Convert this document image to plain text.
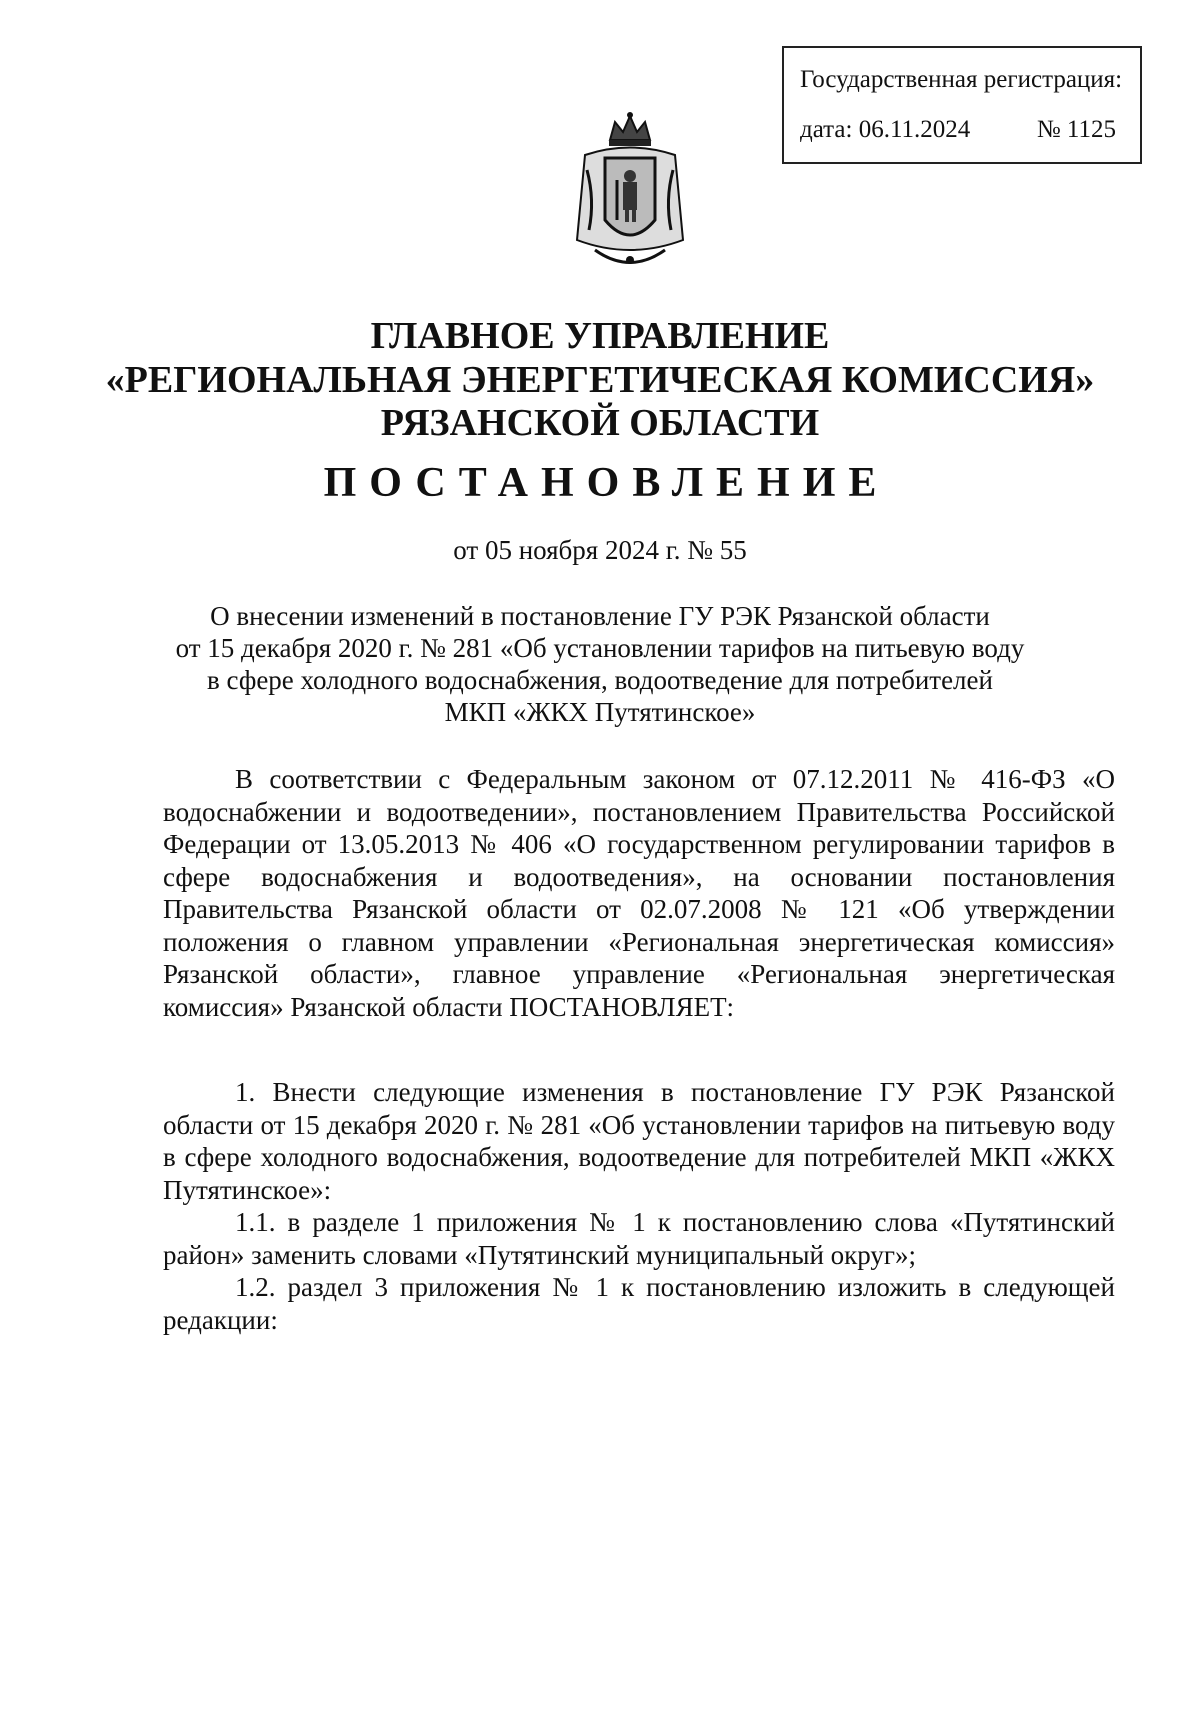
Государственная регистрация:
дата: 06.11.2024	№ 1125
ГЛАВНОЕ УПРАВЛЕНИЕ
«РЕГИОНАЛЬНАЯ ЭНЕРГЕТИЧЕСКАЯ КОМИССИЯ»
РЯЗАНСКОЙ ОБЛАСТИ
ПОСТАНОВЛЕНИЕ
от 05 ноября 2024 г. № 55
О внесении изменений в постановление ГУ РЭК Рязанской области
от 15 декабря 2020 г. № 281 «Об установлении тарифов на питьевую воду
в сфере холодного водоснабжения, водоотведение для потребителей
МКП «ЖКХ Путятинское»

В соответствии с Федеральным законом от 07.12.2011 № 416-ФЗ «О водоснабжении и водоотведении», постановлением Правительства Российской Федерации от 13.05.2013 № 406 «О государственном регулировании тарифов в сфере водоснабжения и водоотведения», на основании постановления Правительства Рязанской области от 02.07.2008 № 121 «Об утверждении положения о главном управлении «Региональная энергетическая комиссия» Рязанской области», главное управление «Региональная энергетическая комиссия» Рязанской области ПОСТАНОВЛЯЕТ:

1. Внести следующие изменения в постановление ГУ РЭК Рязанской области от 15 декабря 2020 г. № 281 «Об установлении тарифов на питьевую воду в сфере холодного водоснабжения, водоотведение для потребителей МКП «ЖКХ Путятинское»:

1.1. в разделе 1 приложения № 1 к постановлению слова «Путятинский район» заменить словами «Путятинский муниципальный округ»;

1.2. раздел 3 приложения № 1 к постановлению изложить в следующей редакции:
